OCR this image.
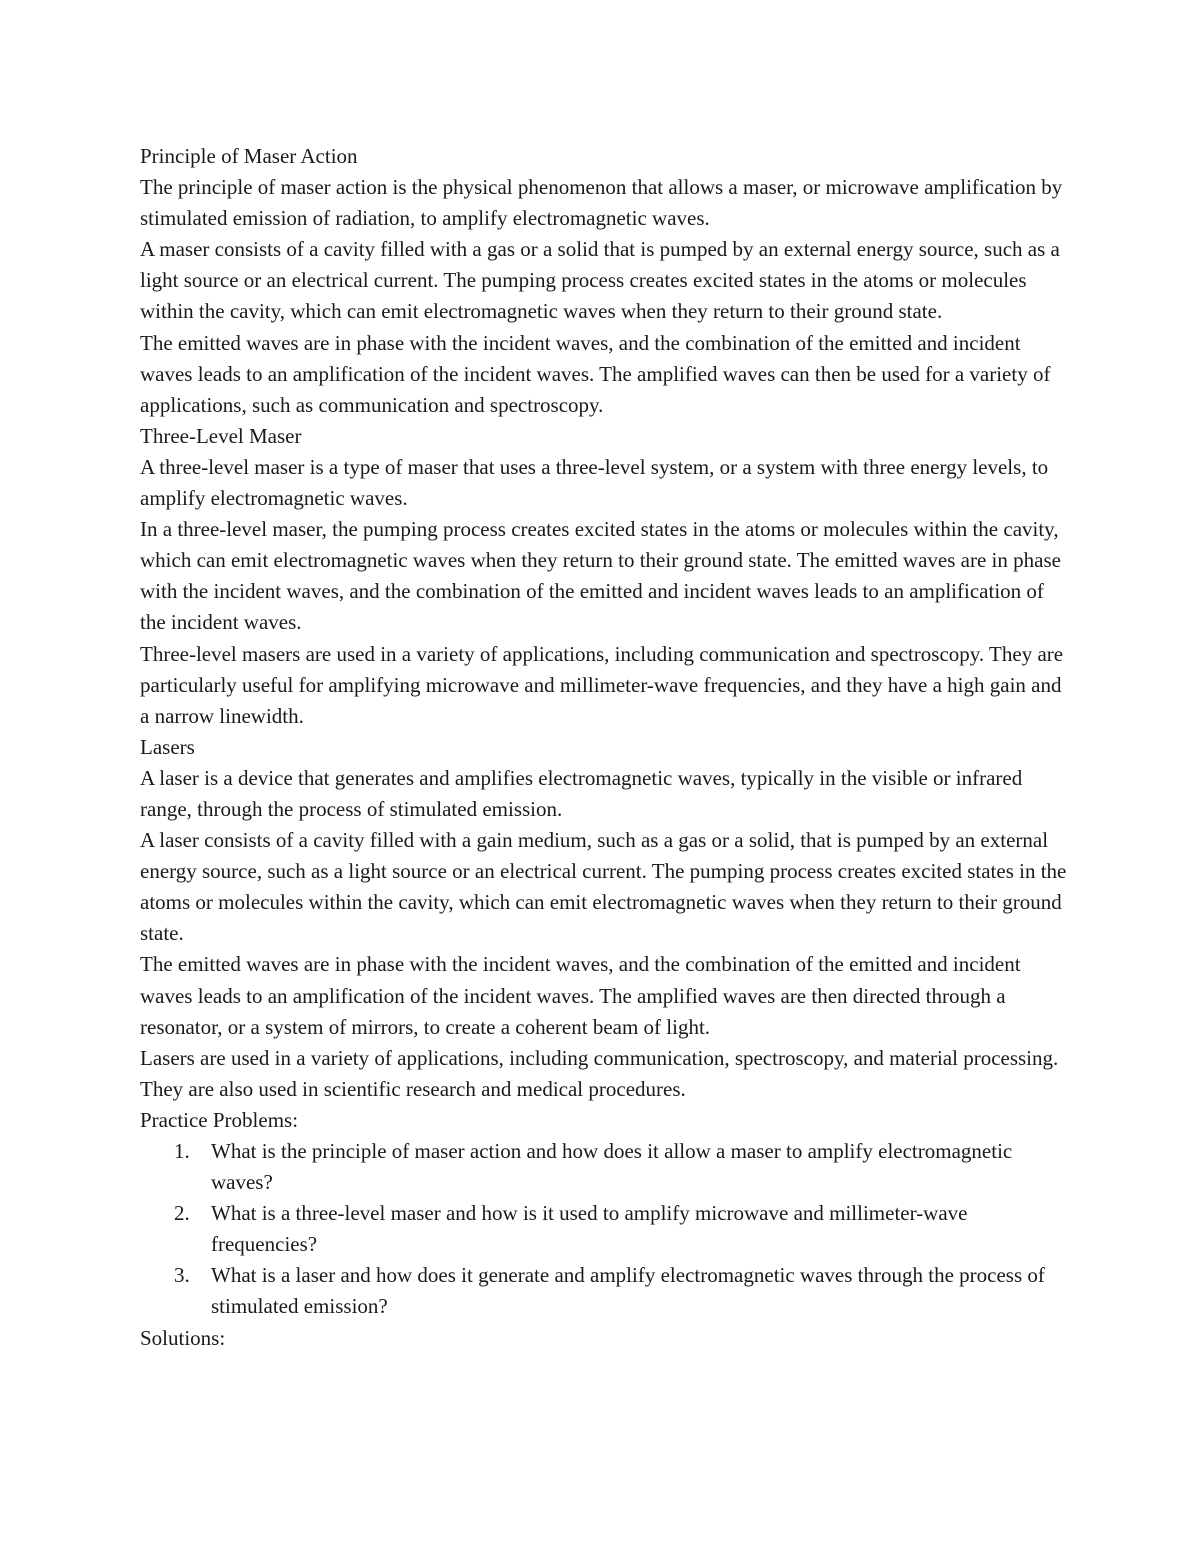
Principle of Maser Action

The principle of maser action is the physical phenomenon that allows a maser, or microwave amplification by stimulated emission of radiation, to amplify electromagnetic waves.

A maser consists of a cavity filled with a gas or a solid that is pumped by an external energy source, such as a light source or an electrical current. The pumping process creates excited states in the atoms or molecules within the cavity, which can emit electromagnetic waves when they return to their ground state.

The emitted waves are in phase with the incident waves, and the combination of the emitted and incident waves leads to an amplification of the incident waves. The amplified waves can then be used for a variety of applications, such as communication and spectroscopy.

Three-Level Maser

A three-level maser is a type of maser that uses a three-level system, or a system with three energy levels, to amplify electromagnetic waves.

In a three-level maser, the pumping process creates excited states in the atoms or molecules within the cavity, which can emit electromagnetic waves when they return to their ground state. The emitted waves are in phase with the incident waves, and the combination of the emitted and incident waves leads to an amplification of the incident waves.

Three-level masers are used in a variety of applications, including communication and spectroscopy. They are particularly useful for amplifying microwave and millimeter-wave frequencies, and they have a high gain and a narrow linewidth.

Lasers

A laser is a device that generates and amplifies electromagnetic waves, typically in the visible or infrared range, through the process of stimulated emission.

A laser consists of a cavity filled with a gain medium, such as a gas or a solid, that is pumped by an external energy source, such as a light source or an electrical current. The pumping process creates excited states in the atoms or molecules within the cavity, which can emit electromagnetic waves when they return to their ground state.

The emitted waves are in phase with the incident waves, and the combination of the emitted and incident waves leads to an amplification of the incident waves. The amplified waves are then directed through a resonator, or a system of mirrors, to create a coherent beam of light.

Lasers are used in a variety of applications, including communication, spectroscopy, and material processing. They are also used in scientific research and medical procedures.

Practice Problems:

1. What is the principle of maser action and how does it allow a maser to amplify electromagnetic waves?
2. What is a three-level maser and how is it used to amplify microwave and millimeter-wave frequencies?
3. What is a laser and how does it generate and amplify electromagnetic waves through the process of stimulated emission?

Solutions:
